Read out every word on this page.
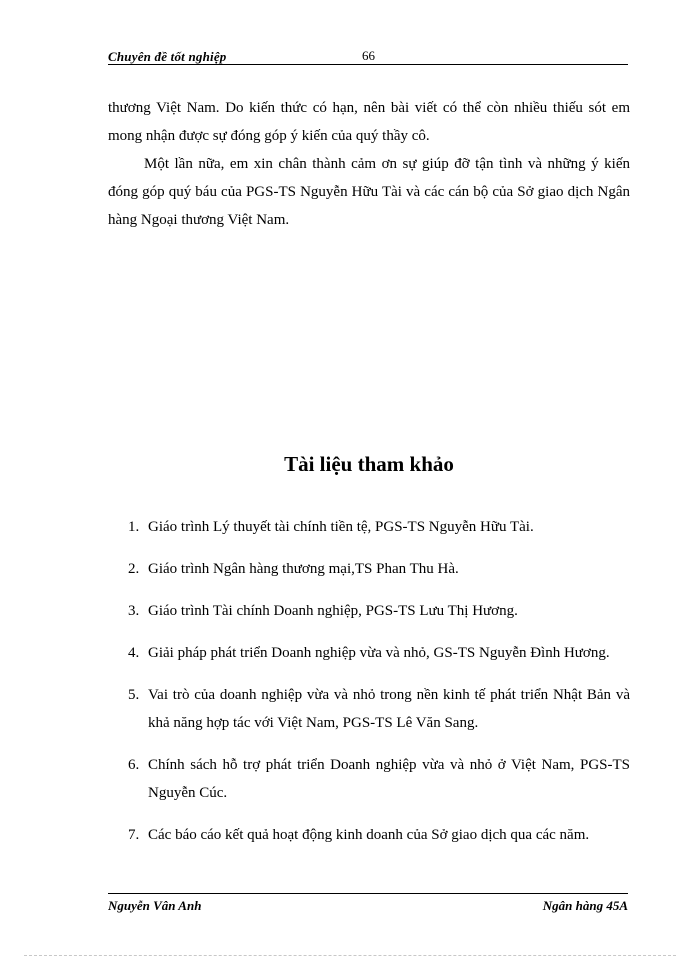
Chuyên đề tốt nghiệp	66

thương Việt Nam. Do kiến thức có hạn, nên bài viết có thể còn nhiều thiếu sót em mong nhận được sự đóng góp ý kiến của quý thầy cô.

Một lần nữa, em xin chân thành cảm ơn sự giúp đỡ tận tình và những ý kiến đóng góp quý báu của PGS-TS Nguyễn Hữu Tài và các cán bộ của Sở giao dịch Ngân hàng Ngoại thương Việt Nam.

Tài liệu tham khảo
1. Giáo trình Lý thuyết tài chính tiền tệ, PGS-TS Nguyễn Hữu Tài.
2. Giáo trình Ngân hàng thương mại,TS Phan Thu Hà.
3. Giáo trình Tài chính Doanh nghiệp, PGS-TS Lưu Thị Hương.
4. Giải pháp phát triển Doanh nghiệp vừa và nhỏ, GS-TS Nguyễn Đình Hương.
5. Vai trò của doanh nghiệp vừa và nhỏ trong nền kinh tế phát triển Nhật Bản và khả năng hợp tác với Việt Nam, PGS-TS Lê Văn Sang.
6. Chính sách hỗ trợ phát triển Doanh nghiệp vừa và nhỏ ở Việt Nam, PGS-TS Nguyễn Cúc.
7. Các báo cáo kết quả hoạt động kinh doanh của Sở giao dịch qua các năm.
Nguyễn Vân Anh	Ngân hàng 45A
